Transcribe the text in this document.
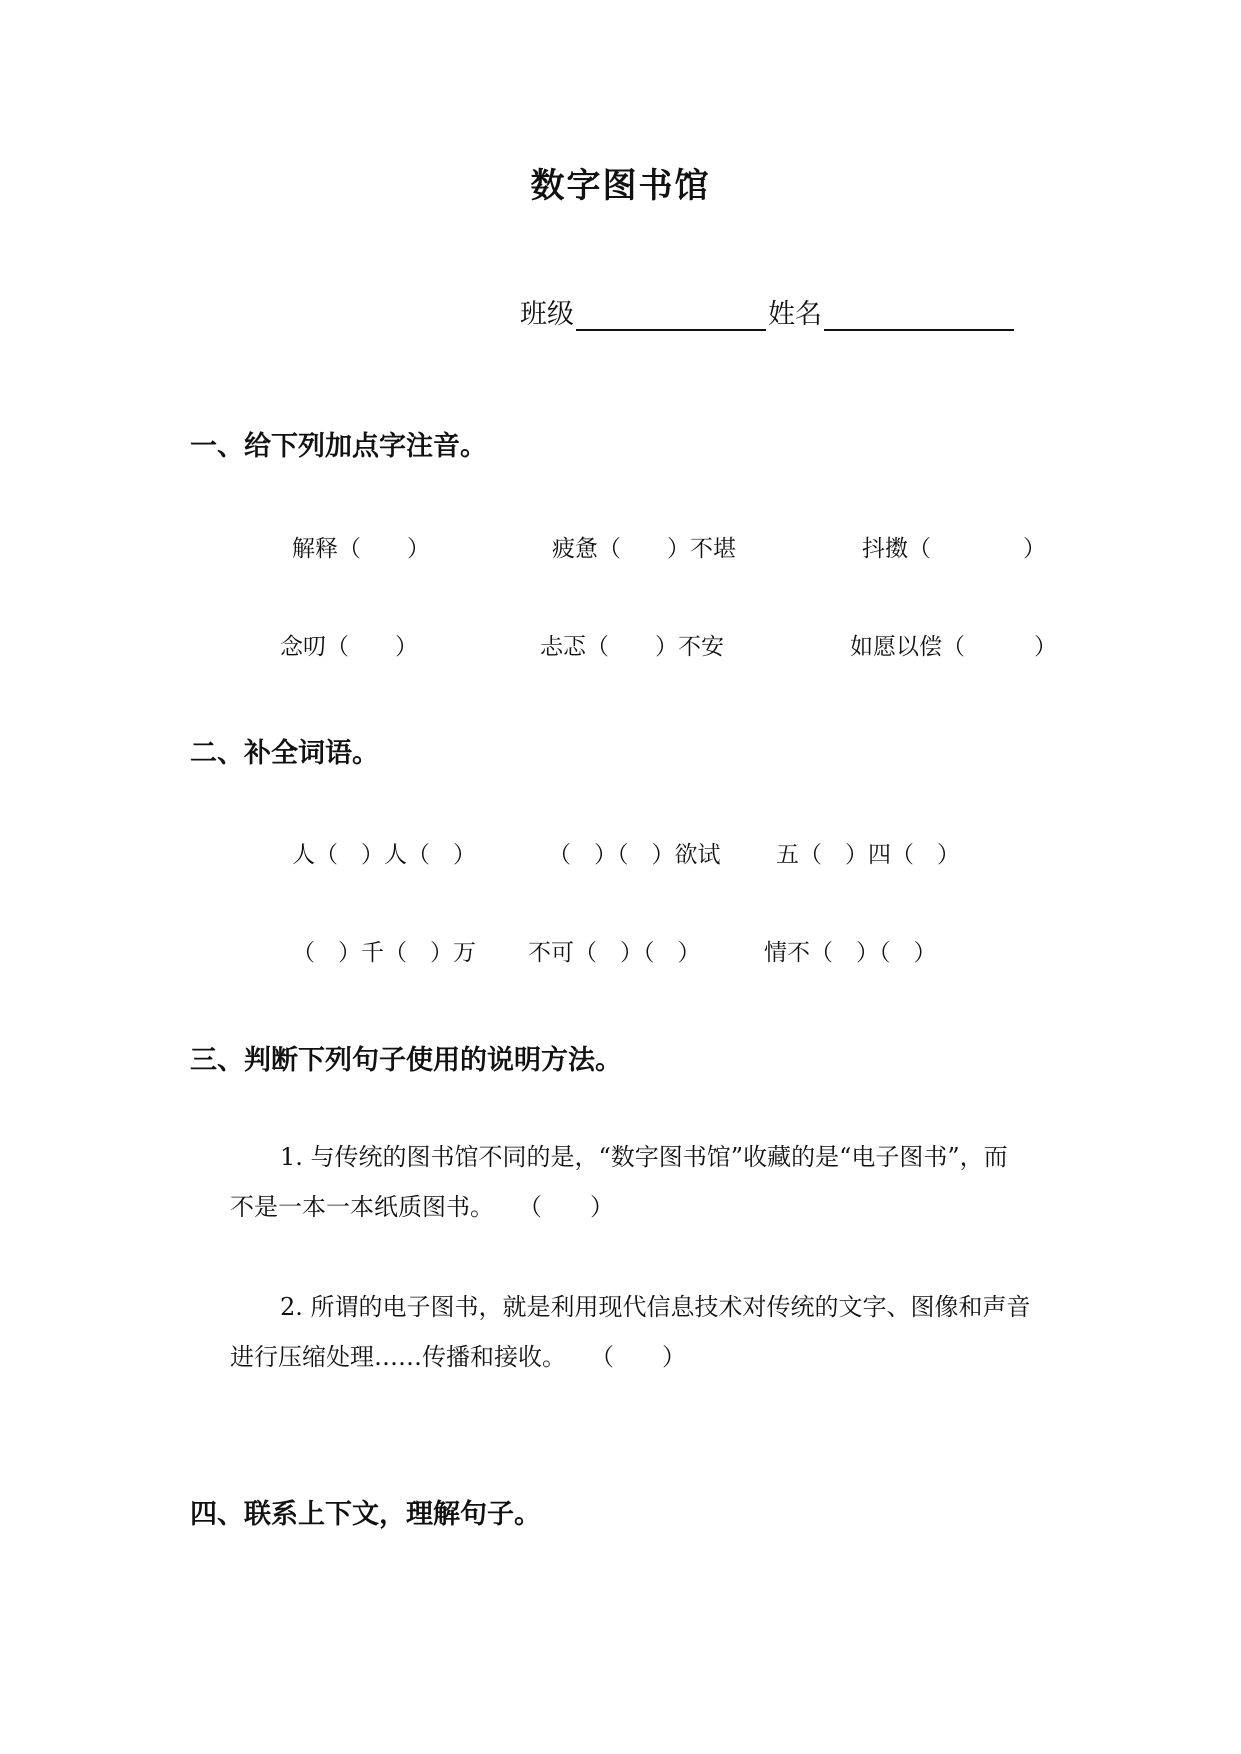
数字图书馆
班级	姓名
一、给下列加点字注音。
解释（　　）	疲惫（　　）不堪	抖擞（　　　　）
念叨（　　）	忐忑（　　）不安	如愿以偿（　　　）
二、补全词语。
人（　）人（　）	（　）（　）欲试 五（　）四（　）
（　）千（　）万 不可（　）（　）	情不（　）（　）
三、判断下列句子使用的说明方法。
1. 与传统的图书馆不同的是，“数字图书馆”收藏的是“电子图书”，而
不是一本一本纸质图书。　　（　　）
2. 所谓的电子图书，就是利用现代信息技术对传统的文字、图像和声音
进行压缩处理……传播和接收。　　（　　）
四、联系上下文，理解句子。
